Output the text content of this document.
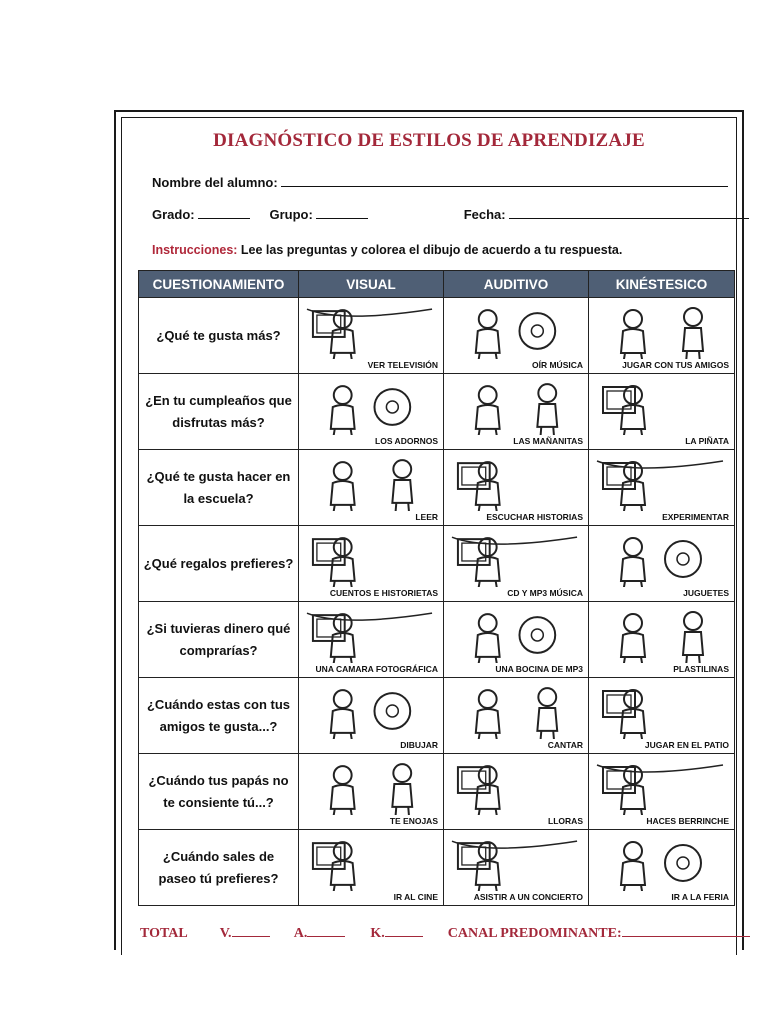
DIAGNÓSTICO DE ESTILOS DE APRENDIZAJE
Nombre del alumno:
Grado:	Grupo:	Fecha:
Instrucciones: Lee las preguntas y colorea el dibujo de acuerdo a tu respuesta.
CUESTIONAMIENTO	VISUAL	AUDITIVO	KINÉSTESICO
¿Qué te gusta más?	VER TELEVISIÓN	OÍR MÚSICA	JUGAR CON TUS AMIGOS

¿En tu cumpleaños que disfrutas más?	LOS ADORNOS	LAS MAÑANITAS	LA PIÑATA

¿Qué te gusta hacer en la escuela?	LEER	ESCUCHAR HISTORIAS	EXPERIMENTAR

¿Qué regalos prefieres?	CUENTOS E HISTORIETAS	CD Y MP3 MÚSICA	JUGUETES

¿Si tuvieras dinero qué comprarías?	UNA CAMARA FOTOGRÁFICA	UNA BOCINA DE MP3	PLASTILINAS

¿Cuándo estas con tus amigos te gusta...?	DIBUJAR	CANTAR	JUGAR EN EL PATIO

¿Cuándo tus papás no te consiente tú...?	TE ENOJAS	LLORAS	HACES BERRINCHE

¿Cuándo sales de paseo tú prefieres?	IR AL CINE	ASISTIR A UN CONCIERTO	IR A LA FERIA
TOTAL V.	A.	K.	CANAL PREDOMINANTE:
